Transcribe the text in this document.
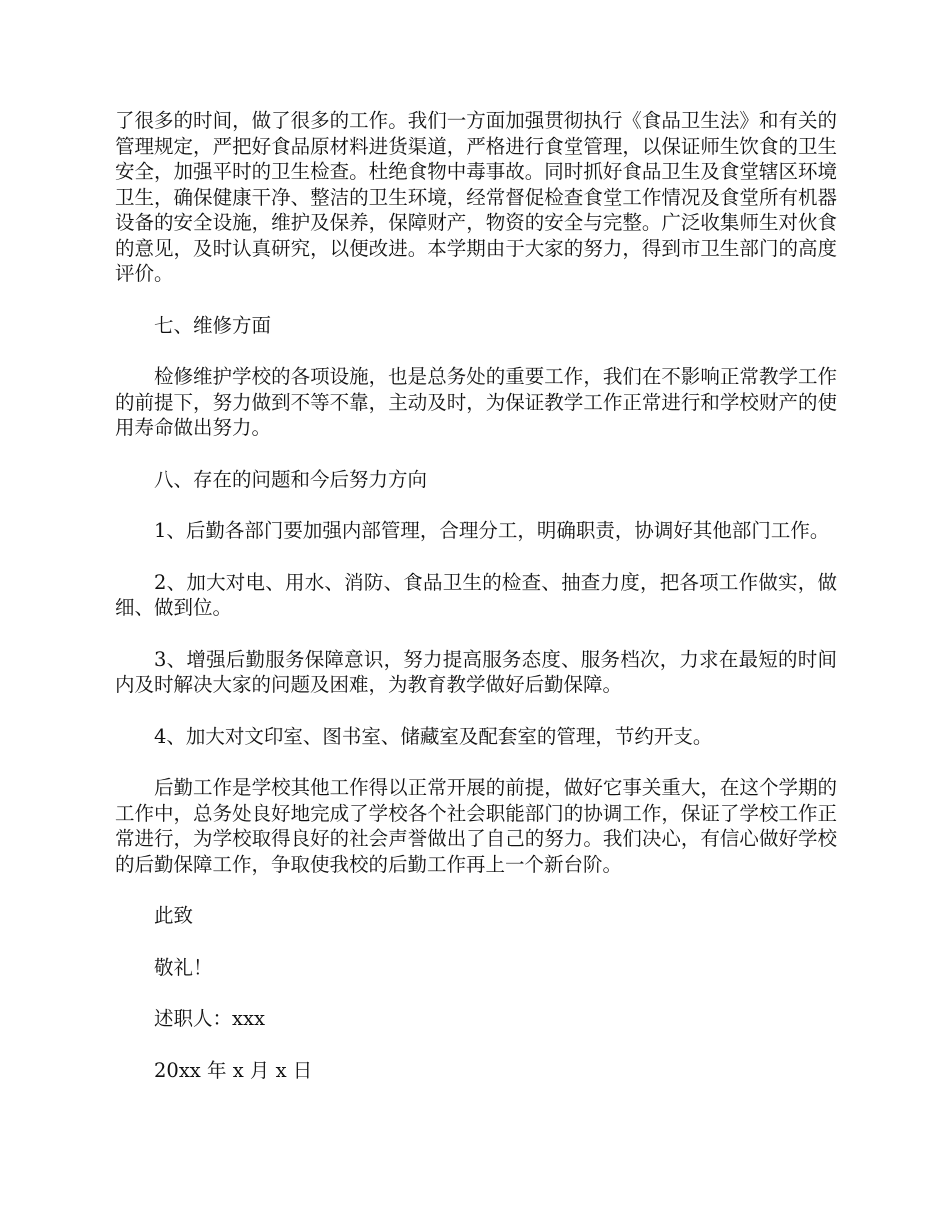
了很多的时间，做了很多的工作。我们一方面加强贯彻执行《食品卫生法》和有关的管理规定，严把好食品原材料进货渠道，严格进行食堂管理，以保证师生饮食的卫生安全，加强平时的卫生检查。杜绝食物中毒事故。同时抓好食品卫生及食堂辖区环境卫生，确保健康干净、整洁的卫生环境，经常督促检查食堂工作情况及食堂所有机器设备的安全设施，维护及保养，保障财产，物资的安全与完整。广泛收集师生对伙食的意见，及时认真研究，以便改进。本学期由于大家的努力，得到市卫生部门的高度评价。

七、维修方面

检修维护学校的各项设施，也是总务处的重要工作，我们在不影响正常教学工作的前提下，努力做到不等不靠，主动及时，为保证教学工作正常进行和学校财产的使用寿命做出努力。

八、存在的问题和今后努力方向

1、后勤各部门要加强内部管理，合理分工，明确职责，协调好其他部门工作。

2、加大对电、用水、消防、食品卫生的检查、抽查力度，把各项工作做实，做细、做到位。

3、增强后勤服务保障意识，努力提高服务态度、服务档次，力求在最短的时间内及时解决大家的问题及困难，为教育教学做好后勤保障。

4、加大对文印室、图书室、储藏室及配套室的管理，节约开支。

后勤工作是学校其他工作得以正常开展的前提，做好它事关重大，在这个学期的工作中，总务处良好地完成了学校各个社会职能部门的协调工作，保证了学校工作正常进行，为学校取得良好的社会声誉做出了自己的努力。我们决心，有信心做好学校的后勤保障工作，争取使我校的后勤工作再上一个新台阶。

此致

敬礼！

述职人：xxx

20xx 年 x 月 x 日
